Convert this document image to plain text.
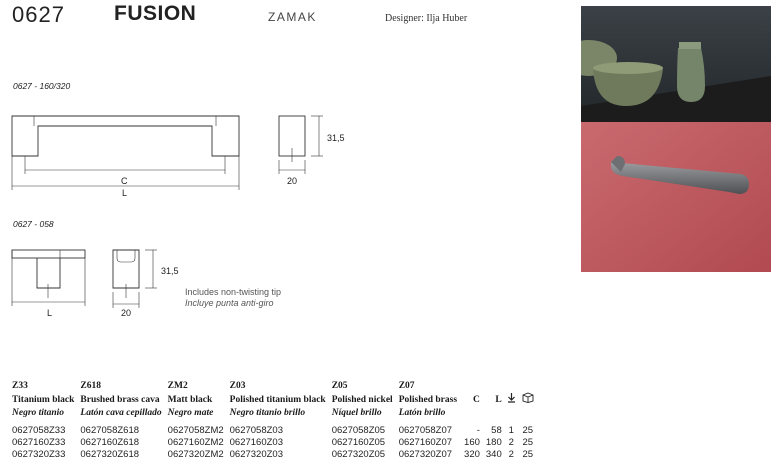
0627 FUSION	ZAMAK	Designer: Ilja Huber
0627 - 160/320
C
L
31,5
20
0627 - 058
L
31,5
20
Includes non-twisting tip
Incluye punta anti-giro
Z33	Z618	ZM2	Z03	Z05	Z07				
Titanium black	Brushed brass cava	Matt black	Polished titanium black	Polished nickel	Polished brass	C	L		
Negro titanio	Latón cava cepillado	Negro mate	Negro titanio brillo	Níquel brillo	Latón brillo				
0627058Z33	0627058Z618	0627058ZM2	0627058Z03	0627058Z05	0627058Z07	-	58	1	25
0627160Z33	0627160Z618	0627160ZM2	0627160Z03	0627160Z05	0627160Z07	160	180	2	25
0627320Z33	0627320Z618	0627320ZM2	0627320Z03	0627320Z05	0627320Z07	320	340	2	25
